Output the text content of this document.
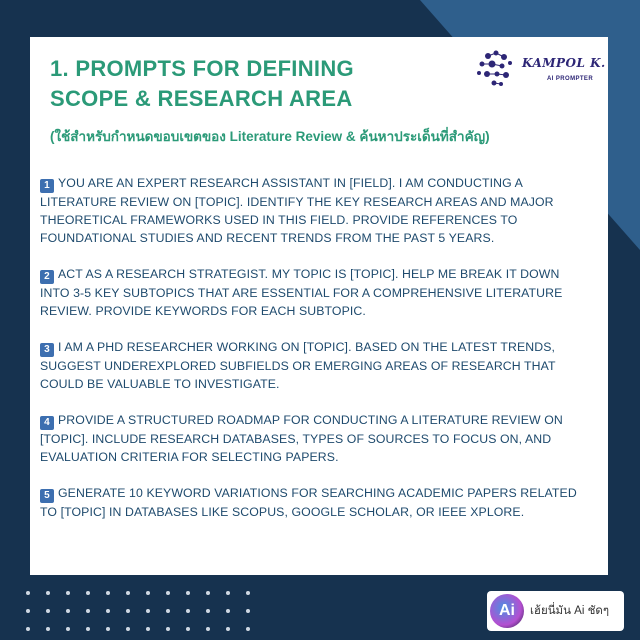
1. PROMPTS FOR DEFINING
SCOPE & RESEARCH AREA
KAMPOL K.
AI PROMPTER
(ใช้สำหรับกำหนดขอบเขตของ Literature Review & ค้นหาประเด็นที่สำคัญ)
1 YOU ARE AN EXPERT RESEARCH ASSISTANT IN [FIELD]. I AM CONDUCTING A LITERATURE REVIEW ON [TOPIC]. IDENTIFY THE KEY RESEARCH AREAS AND MAJOR THEORETICAL FRAMEWORKS USED IN THIS FIELD. PROVIDE REFERENCES TO FOUNDATIONAL STUDIES AND RECENT TRENDS FROM THE PAST 5 YEARS.
2 ACT AS A RESEARCH STRATEGIST. MY TOPIC IS [TOPIC]. HELP ME BREAK IT DOWN INTO 3-5 KEY SUBTOPICS THAT ARE ESSENTIAL FOR A COMPREHENSIVE LITERATURE REVIEW. PROVIDE KEYWORDS FOR EACH SUBTOPIC.
3 I AM A PHD RESEARCHER WORKING ON [TOPIC]. BASED ON THE LATEST TRENDS, SUGGEST UNDEREXPLORED SUBFIELDS OR EMERGING AREAS OF RESEARCH THAT COULD BE VALUABLE TO INVESTIGATE.
4 PROVIDE A STRUCTURED ROADMAP FOR CONDUCTING A LITERATURE REVIEW ON [TOPIC]. INCLUDE RESEARCH DATABASES, TYPES OF SOURCES TO FOCUS ON, AND EVALUATION CRITERIA FOR SELECTING PAPERS.
5 GENERATE 10 KEYWORD VARIATIONS FOR SEARCHING ACADEMIC PAPERS RELATED TO [TOPIC] IN DATABASES LIKE SCOPUS, GOOGLE SCHOLAR, OR IEEE XPLORE.
Ai	เฮ้ยนี่มัน Ai ชัดๆ
